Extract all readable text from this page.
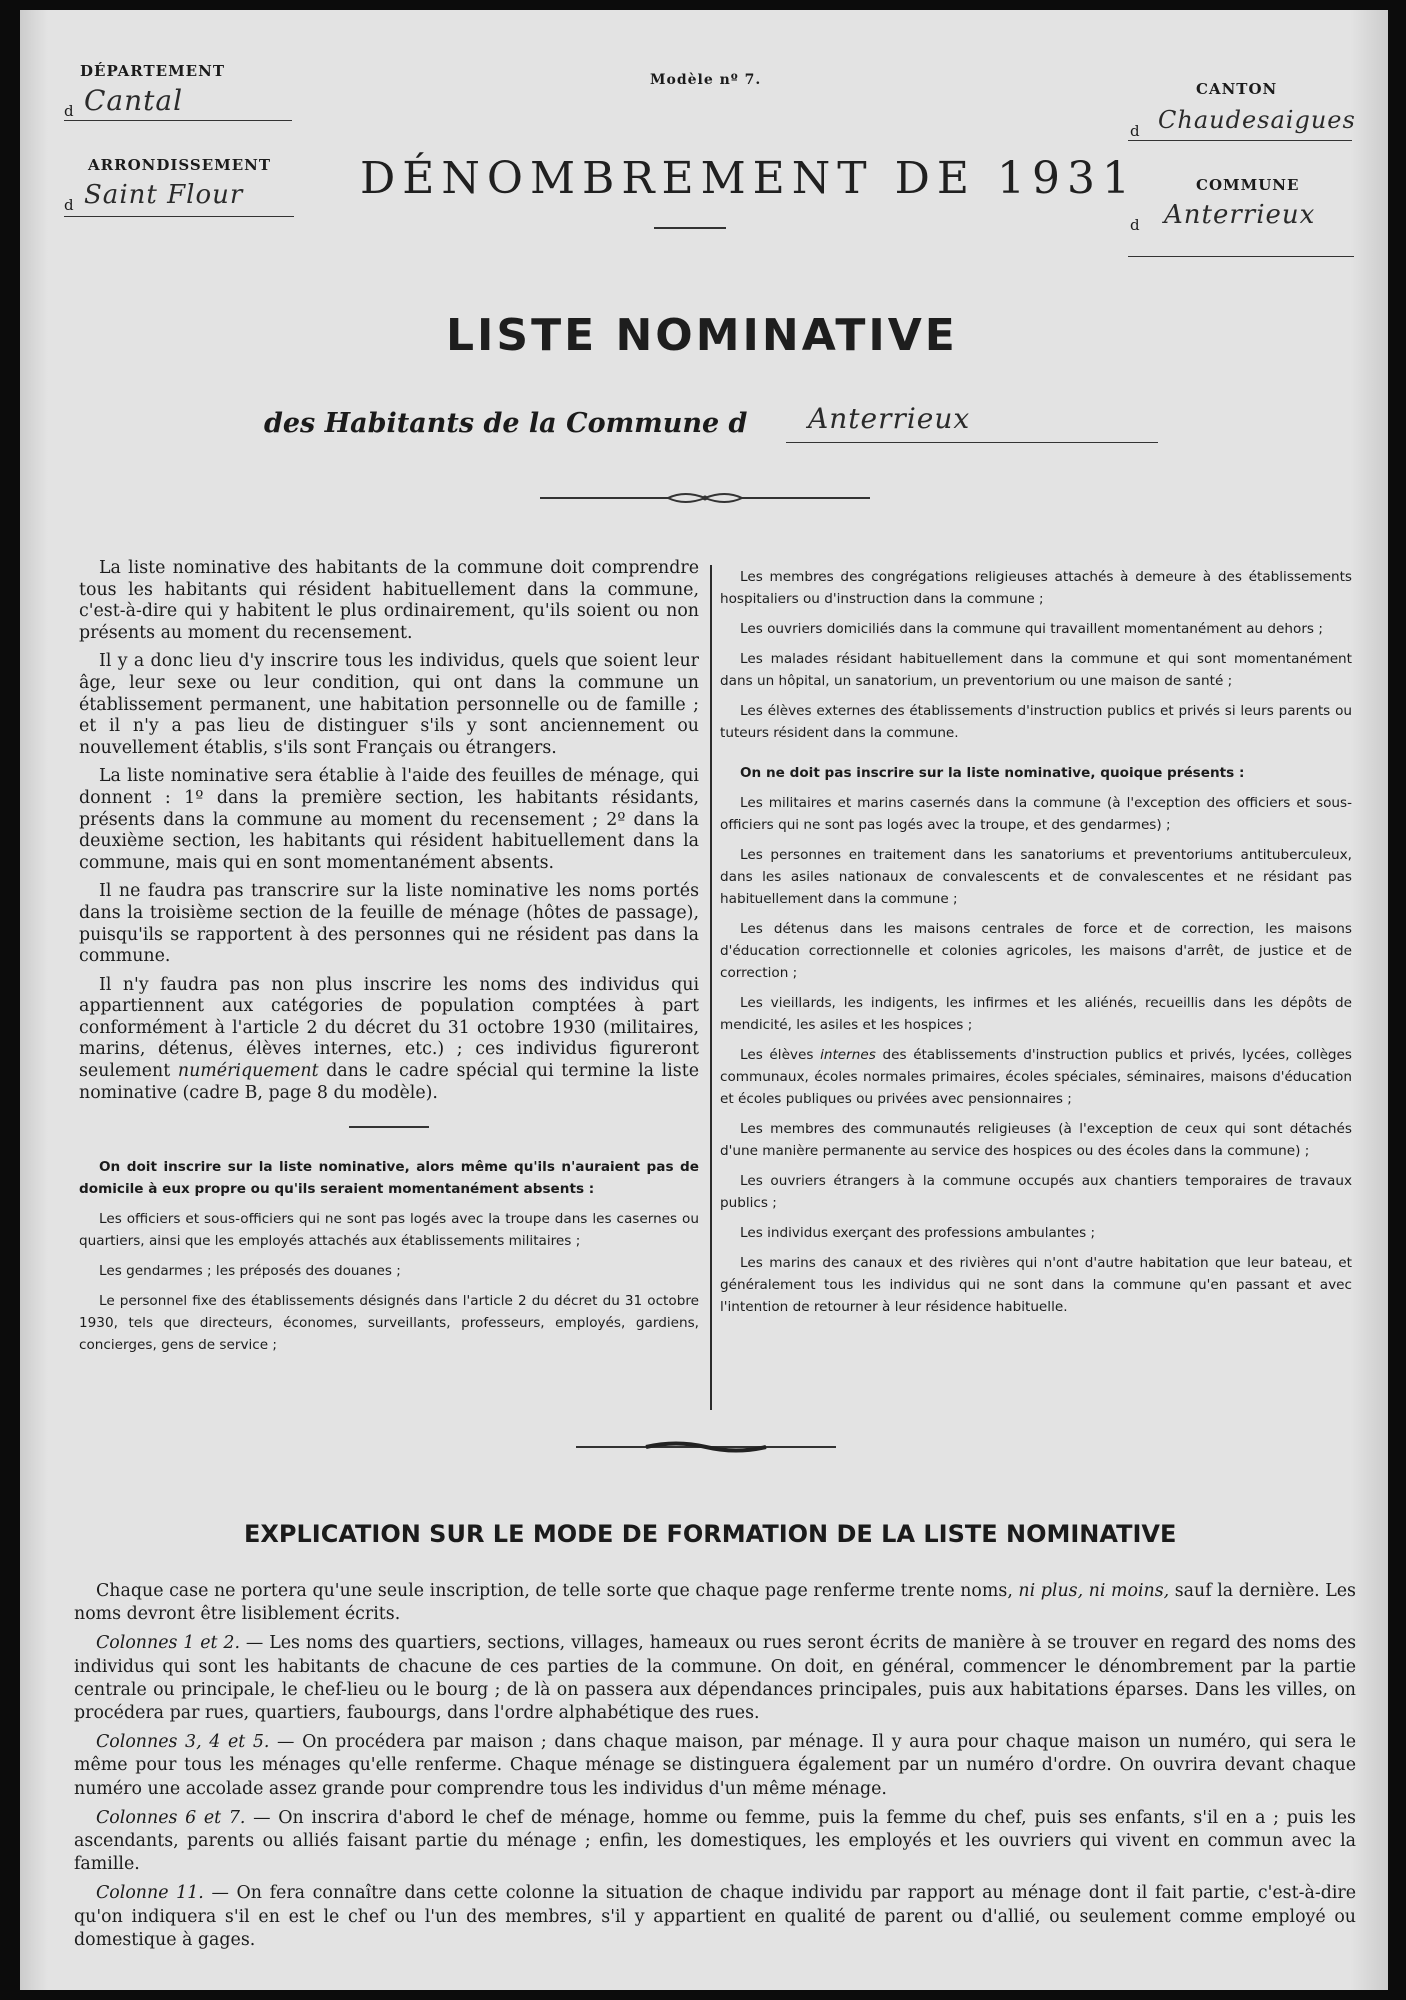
DÉPARTEMENT
d Cantal
ARRONDISSEMENT
d Saint Flour
Modèle nº 7.
DÉNOMBREMENT DE 1931
CANTON
d Chaudesaigues
COMMUNE
d Anterrieux
LISTE NOMINATIVE
des Habitants de la Commune d Anterrieux

La liste nominative des habitants de la commune doit comprendre tous les habitants qui résident habituellement dans la commune, c'est-à-dire qui y habitent le plus ordinairement, qu'ils soient ou non présents au moment du recensement.

Il y a donc lieu d'y inscrire tous les individus, quels que soient leur âge, leur sexe ou leur condition, qui ont dans la commune un établissement permanent, une habitation personnelle ou de famille ; et il n'y a pas lieu de distinguer s'ils y sont anciennement ou nouvellement établis, s'ils sont Français ou étrangers.

La liste nominative sera établie à l'aide des feuilles de ménage, qui donnent : 1º dans la première section, les habitants résidants, présents dans la commune au moment du recensement ; 2º dans la deuxième section, les habitants qui résident habituellement dans la commune, mais qui en sont momentanément absents.

Il ne faudra pas transcrire sur la liste nominative les noms portés dans la troisième section de la feuille de ménage (hôtes de passage), puisqu'ils se rapportent à des personnes qui ne résident pas dans la commune.

Il n'y faudra pas non plus inscrire les noms des individus qui appartiennent aux catégories de population comptées à part conformément à l'article 2 du décret du 31 octobre 1930 (militaires, marins, détenus, élèves internes, etc.) ; ces individus figureront seulement numériquement dans le cadre spécial qui termine la liste nominative (cadre B, page 8 du modèle).

On doit inscrire sur la liste nominative, alors même qu'ils n'auraient pas de domicile à eux propre ou qu'ils seraient momentanément absents :

Les officiers et sous-officiers qui ne sont pas logés avec la troupe dans les casernes ou quartiers, ainsi que les employés attachés aux établissements militaires ;

Les gendarmes ; les préposés des douanes ;

Le personnel fixe des établissements désignés dans l'article 2 du décret du 31 octobre 1930, tels que directeurs, économes, surveillants, professeurs, employés, gardiens, concierges, gens de service ;

Les membres des congrégations religieuses attachés à demeure à des établissements hospitaliers ou d'instruction dans la commune ;

Les ouvriers domiciliés dans la commune qui travaillent momentanément au dehors ;

Les malades résidant habituellement dans la commune et qui sont momentanément dans un hôpital, un sanatorium, un preventorium ou une maison de santé ;

Les élèves externes des établissements d'instruction publics et privés si leurs parents ou tuteurs résident dans la commune.

On ne doit pas inscrire sur la liste nominative, quoique présents :

Les militaires et marins casernés dans la commune (à l'exception des officiers et sous-officiers qui ne sont pas logés avec la troupe, et des gendarmes) ;

Les personnes en traitement dans les sanatoriums et preventoriums antituberculeux, dans les asiles nationaux de convalescents et de convalescentes et ne résidant pas habituellement dans la commune ;

Les détenus dans les maisons centrales de force et de correction, les maisons d'éducation correctionnelle et colonies agricoles, les maisons d'arrêt, de justice et de correction ;

Les vieillards, les indigents, les infirmes et les aliénés, recueillis dans les dépôts de mendicité, les asiles et les hospices ;

Les élèves internes des établissements d'instruction publics et privés, lycées, collèges communaux, écoles normales primaires, écoles spéciales, séminaires, maisons d'éducation et écoles publiques ou privées avec pensionnaires ;

Les membres des communautés religieuses (à l'exception de ceux qui sont détachés d'une manière permanente au service des hospices ou des écoles dans la commune) ;

Les ouvriers étrangers à la commune occupés aux chantiers temporaires de travaux publics ;

Les individus exerçant des professions ambulantes ;

Les marins des canaux et des rivières qui n'ont d'autre habitation que leur bateau, et généralement tous les individus qui ne sont dans la commune qu'en passant et avec l'intention de retourner à leur résidence habituelle.

EXPLICATION SUR LE MODE DE FORMATION DE LA LISTE NOMINATIVE

Chaque case ne portera qu'une seule inscription, de telle sorte que chaque page renferme trente noms, ni plus, ni moins, sauf la dernière. Les noms devront être lisiblement écrits.

Colonnes 1 et 2. — Les noms des quartiers, sections, villages, hameaux ou rues seront écrits de manière à se trouver en regard des noms des individus qui sont les habitants de chacune de ces parties de la commune. On doit, en général, commencer le dénombrement par la partie centrale ou principale, le chef-lieu ou le bourg ; de là on passera aux dépendances principales, puis aux habitations éparses. Dans les villes, on procédera par rues, quartiers, faubourgs, dans l'ordre alphabétique des rues.

Colonnes 3, 4 et 5. — On procédera par maison ; dans chaque maison, par ménage. Il y aura pour chaque maison un numéro, qui sera le même pour tous les ménages qu'elle renferme. Chaque ménage se distinguera également par un numéro d'ordre. On ouvrira devant chaque numéro une accolade assez grande pour comprendre tous les individus d'un même ménage.

Colonnes 6 et 7. — On inscrira d'abord le chef de ménage, homme ou femme, puis la femme du chef, puis ses enfants, s'il en a ; puis les ascendants, parents ou alliés faisant partie du ménage ; enfin, les domestiques, les employés et les ouvriers qui vivent en commun avec la famille.

Colonne 11. — On fera connaître dans cette colonne la situation de chaque individu par rapport au ménage dont il fait partie, c'est-à-dire qu'on indiquera s'il en est le chef ou l'un des membres, s'il y appartient en qualité de parent ou d'allié, ou seulement comme employé ou domestique à gages.
